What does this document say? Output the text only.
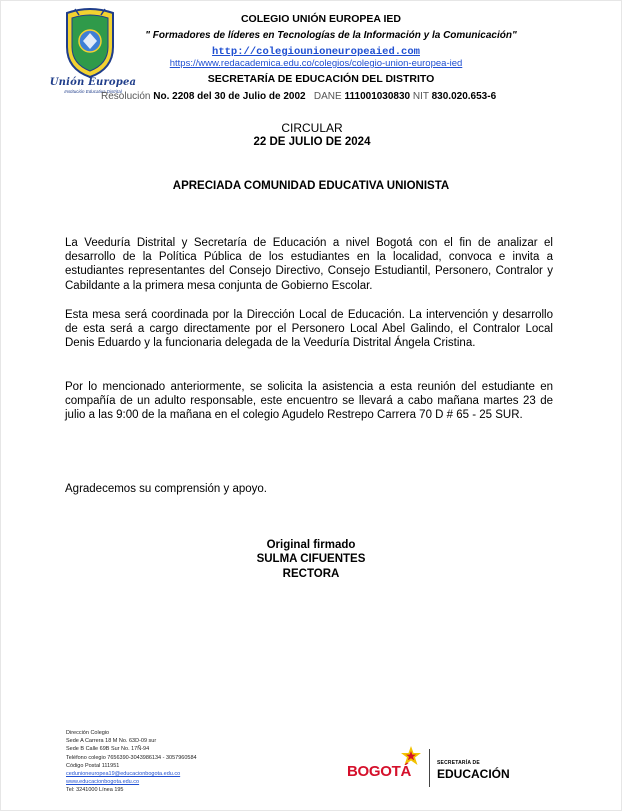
Unión Europea
Institución Educativa Distrital
COLEGIO UNIÓN EUROPEA IED
" Formadores de líderes en Tecnologías de la Información y la Comunicación"
http://colegiounioneuropeaied.com
https://www.redacademica.edu.co/colegios/colegio-union-europea-ied
SECRETARÍA DE EDUCACIÓN DEL DISTRITO
Resolución No. 2208 del 30 de Julio de 2002 DANE 111001030830 NIT 830.020.653-6
CIRCULAR
22 DE JULIO DE 2024
APRECIADA COMUNIDAD EDUCATIVA UNIONISTA

La Veeduría Distrital y Secretaría de Educación a nivel Bogotá con el fin de analizar el desarrollo de la Política Pública de los estudiantes en la localidad, convoca e invita a estudiantes representantes del Consejo Directivo, Consejo Estudiantil, Personero, Contralor y Cabildante a la primera mesa conjunta de Gobierno Escolar.

Esta mesa será coordinada por la Dirección Local de Educación. La intervención y desarrollo de esta será a cargo directamente por el Personero Local Abel Galindo, el Contralor Local Denis Eduardo y la funcionaria delegada de la Veeduría Distrital Ángela Cristina.

Por lo mencionado anteriormente, se solicita la asistencia a esta reunión del estudiante en compañía de un adulto responsable, este encuentro se llevará a cabo mañana martes 23 de julio a las 9:00 de la mañana en el colegio Agudelo Restrepo Carrera 70 D # 65 - 25 SUR.

Agradecemos su comprensión y apoyo.

Original firmado
SULMA CIFUENTES
RECTORA
Dirección Colegio
Sede A Carrera 18 M No. 63D-09 sur
Sede B Calle 69B Sur No. 17Ñ-94
Teléfono colegio 7656390-3043986134 - 3057960584
Código Postal 111951
cedunioneuropea19@educacionbogota.edu.co
www.educacionbogota.edu.co
Tel: 3241000 Línea 195
BOGOTÁ	SECRETARÍA DE
EDUCACIÓN
